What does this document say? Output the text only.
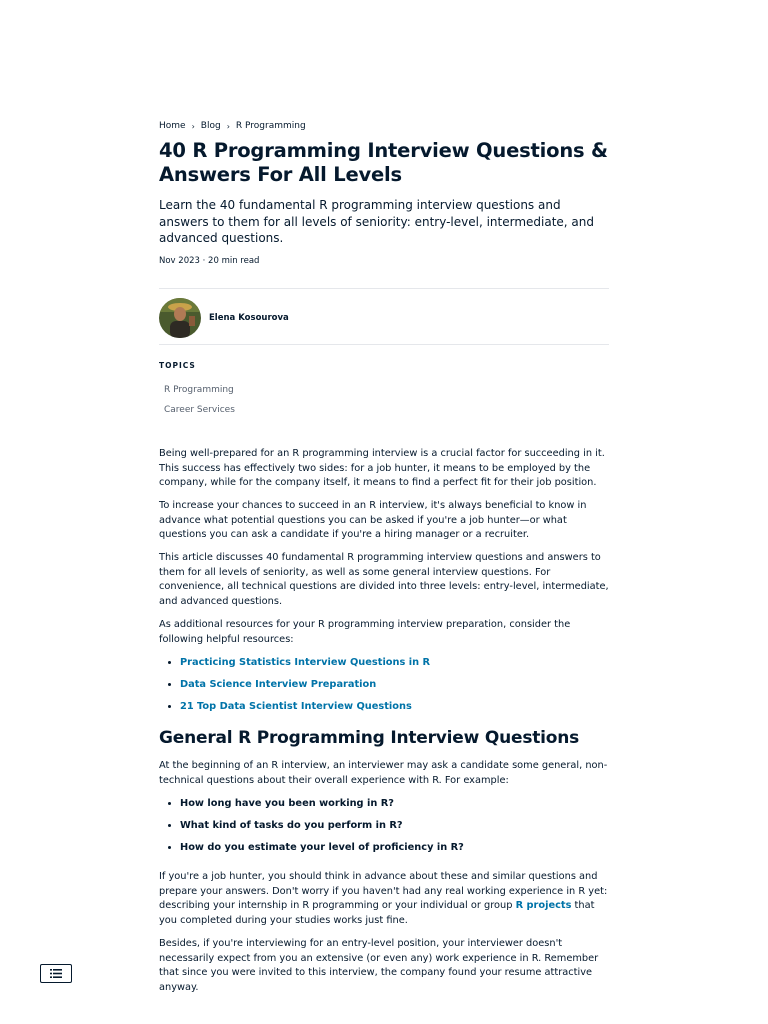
Home › Blog › R Programming
40 R Programming Interview Questions & Answers For All Levels

Learn the 40 fundamental R programming interview questions and answers to them for all levels of seniority: entry-level, intermediate, and advanced questions.

Nov 2023 · 20 min read
Elena Kosourova
TOPICS
R Programming
Career Services

Being well-prepared for an R programming interview is a crucial factor for succeeding in it. This success has effectively two sides: for a job hunter, it means to be employed by the company, while for the company itself, it means to find a perfect fit for their job position.

To increase your chances to succeed in an R interview, it's always beneficial to know in advance what potential questions you can be asked if you're a job hunter—or what questions you can ask a candidate if you're a hiring manager or a recruiter.

This article discusses 40 fundamental R programming interview questions and answers to them for all levels of seniority, as well as some general interview questions. For convenience, all technical questions are divided into three levels: entry-level, intermediate, and advanced questions.

As additional resources for your R programming interview preparation, consider the following helpful resources:

• Practicing Statistics Interview Questions in R
• Data Science Interview Preparation
• 21 Top Data Scientist Interview Questions
General R Programming Interview Questions

At the beginning of an R interview, an interviewer may ask a candidate some general, non-technical questions about their overall experience with R. For example:

• How long have you been working in R?
• What kind of tasks do you perform in R?
• How do you estimate your level of proficiency in R?

If you're a job hunter, you should think in advance about these and similar questions and prepare your answers. Don't worry if you haven't had any real working experience in R yet: describing your internship in R programming or your individual or group R projects that you completed during your studies works just fine.

Besides, if you're interviewing for an entry-level position, your interviewer doesn't necessarily expect from you an extensive (or even any) work experience in R. Remember that since you were invited to this interview, the company found your resume attractive anyway.
